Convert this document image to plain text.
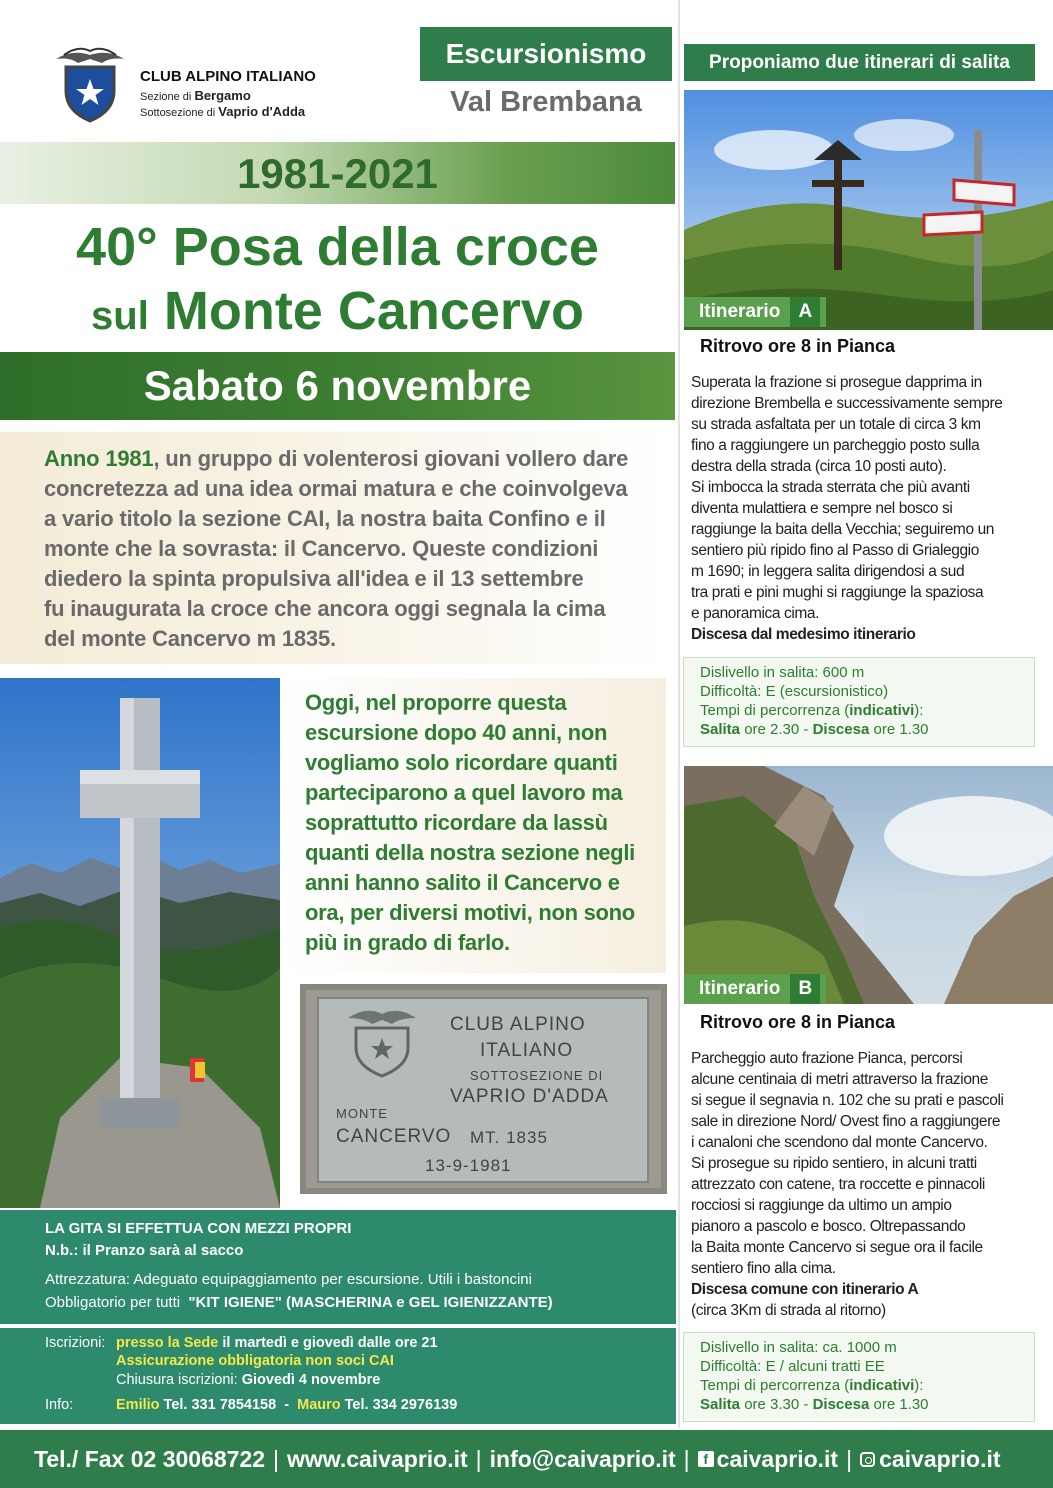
CLUB ALPINO ITALIANO
Sezione di Bergamo
Sottosezione di Vaprio d'Adda
Escursionismo
Val Brembana
Proponiamo due itinerari di salita
1981-2021
40° Posa della croce
sul Monte Cancervo
Sabato 6 novembre
Anno 1981, un gruppo di volenterosi giovani vollero dare
concretezza ad una idea ormai matura e che coinvolgeva
a vario titolo la sezione CAI, la nostra baita Confino e il
monte che la sovrasta: il Cancervo. Queste condizioni
diedero la spinta propulsiva all'idea e il 13 settembre
fu inaugurata la croce che ancora oggi segnala la cima
del monte Cancervo m 1835.
Oggi, nel proporre questa
escursione dopo 40 anni, non
vogliamo solo ricordare quanti
parteciparono a quel lavoro ma
soprattutto ricordare da lassù
quanti della nostra sezione negli
anni hanno salito il Cancervo e
ora, per diversi motivi, non sono
più in grado di farlo.
CLUB ALPINO
ITALIANO
SOTTOSEZIONE DI
VAPRIO D'ADDA
MONTE
CANCERVO MT. 1835
13-9-1981
LA GITA SI EFFETTUA CON MEZZI PROPRI
N.b.: il Pranzo sarà al sacco
Attrezzatura: Adeguato equipaggiamento per escursione. Utili i bastoncini
Obbligatorio per tutti "KIT IGIENE" (MASCHERINA e GEL IGIENIZZANTE)
Iscrizioni: presso la Sede il martedì e giovedì dalle ore 21
Assicurazione obbligatoria non soci CAI
Chiusura iscrizioni: Giovedì 4 novembre
Info:	Emilio Tel. 331 7854158 - Mauro Tel. 334 2976139
Itinerario A
Ritrovo ore 8 in Pianca
Superata la frazione si prosegue dapprima in
direzione Brembella e successivamente sempre
su strada asfaltata per un totale di circa 3 km
fino a raggiungere un parcheggio posto sulla
destra della strada (circa 10 posti auto).
Si imbocca la strada sterrata che più avanti
diventa mulattiera e sempre nel bosco si
raggiunge la baita della Vecchia; seguiremo un
sentiero più ripido fino al Passo di Grialeggio
m 1690; in leggera salita dirigendosi a sud
tra prati e pini mughi si raggiunge la spaziosa
e panoramica cima.
Discesa dal medesimo itinerario
Dislivello in salita: 600 m
Difficoltà: E (escursionistico)
Tempi di percorrenza (indicativi):
Salita ore 2.30 - Discesa ore 1.30
Itinerario B
Ritrovo ore 8 in Pianca
Parcheggio auto frazione Pianca, percorsi
alcune centinaia di metri attraverso la frazione
si segue il segnavia n. 102 che su prati e pascoli
sale in direzione Nord/ Ovest fino a raggiungere
i canaloni che scendono dal monte Cancervo.
Si prosegue su ripido sentiero, in alcuni tratti
attrezzato con catene, tra roccette e pinnacoli
rocciosi si raggiunge da ultimo un ampio
pianoro a pascolo e bosco. Oltrepassando
la Baita monte Cancervo si segue ora il facile
sentiero fino alla cima.
Discesa comune con itinerario A
(circa 3Km di strada al ritorno)
Dislivello in salita: ca. 1000 m
Difficoltà: E / alcuni tratti EE
Tempi di percorrenza (indicativi):
Salita ore 3.30 - Discesa ore 1.30
Tel./ Fax 02 30068722 | www.caivaprio.it | info@caivaprio.it | f caivaprio.it | caivaprio.it
